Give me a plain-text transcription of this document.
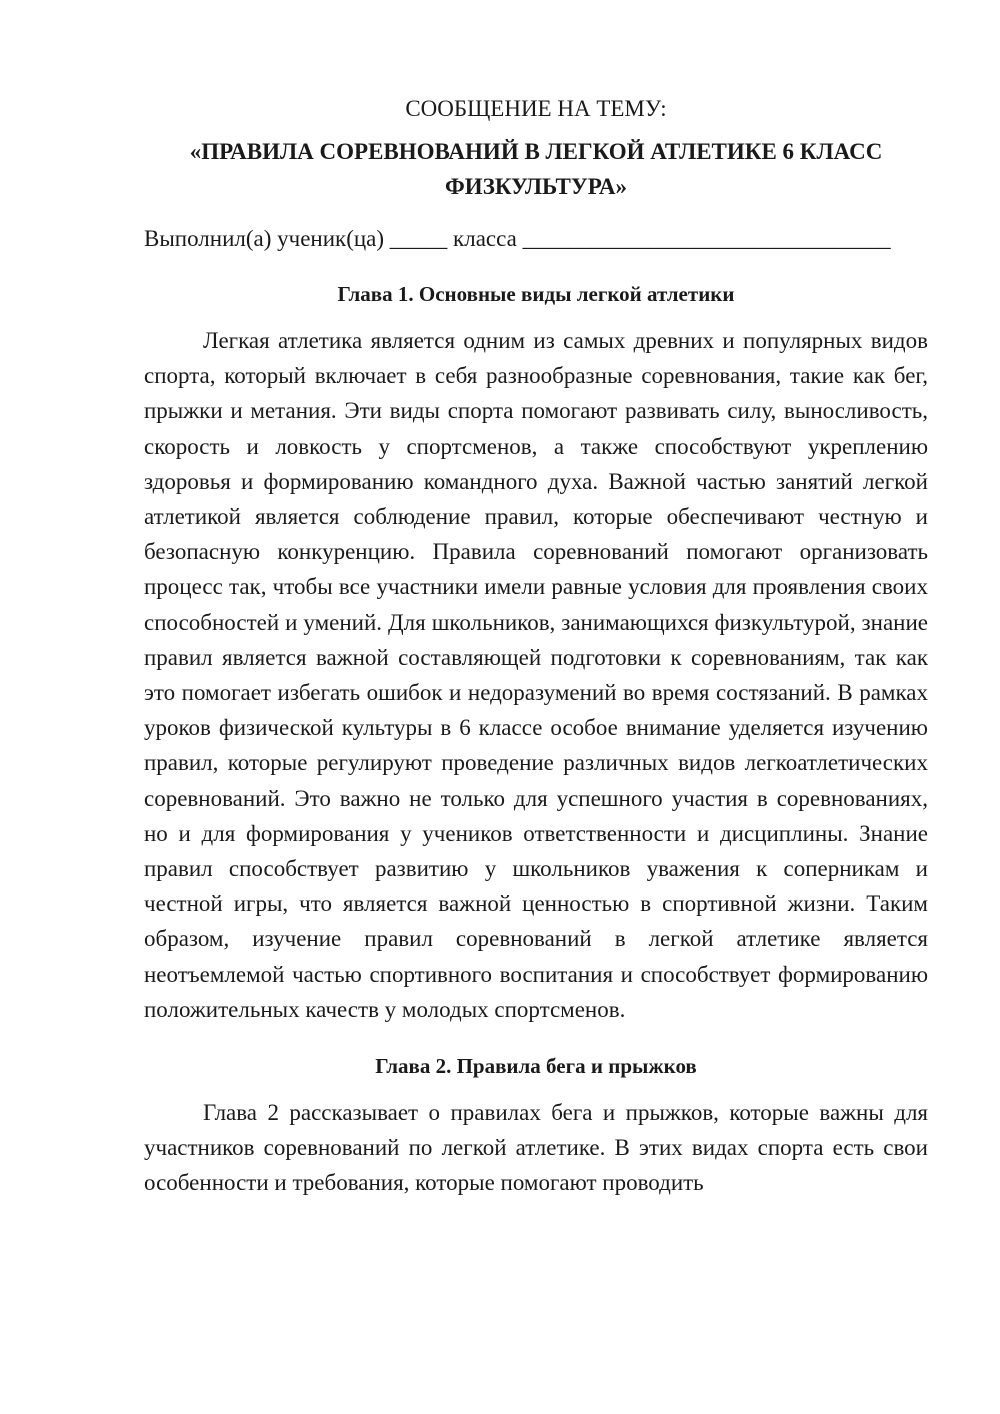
СООБЩЕНИЕ НА ТЕМУ:
«ПРАВИЛА СОРЕВНОВАНИЙ В ЛЕГКОЙ АТЛЕТИКЕ 6 КЛАСС ФИЗКУЛЬТУРА»

Выполнил(а) ученик(ца) _____ класса ________________________________

Глава 1. Основные виды легкой атлетики

Легкая атлетика является одним из самых древних и популярных видов спорта, который включает в себя разнообразные соревнования, такие как бег, прыжки и метания. Эти виды спорта помогают развивать силу, выносливость, скорость и ловкость у спортсменов, а также способствуют укреплению здоровья и формированию командного духа. Важной частью занятий легкой атлетикой является соблюдение правил, которые обеспечивают честную и безопасную конкуренцию. Правила соревнований помогают организовать процесс так, чтобы все участники имели равные условия для проявления своих способностей и умений. Для школьников, занимающихся физкультурой, знание правил является важной составляющей подготовки к соревнованиям, так как это помогает избегать ошибок и недоразумений во время состязаний. В рамках уроков физической культуры в 6 классе особое внимание уделяется изучению правил, которые регулируют проведение различных видов легкоатлетических соревнований. Это важно не только для успешного участия в соревнованиях, но и для формирования у учеников ответственности и дисциплины. Знание правил способствует развитию у школьников уважения к соперникам и честной игры, что является важной ценностью в спортивной жизни. Таким образом, изучение правил соревнований в легкой атлетике является неотъемлемой частью спортивного воспитания и способствует формированию положительных качеств у молодых спортсменов.

Глава 2. Правила бега и прыжков

Глава 2 рассказывает о правилах бега и прыжков, которые важны для участников соревнований по легкой атлетике. В этих видах спорта есть свои особенности и требования, которые помогают проводить
